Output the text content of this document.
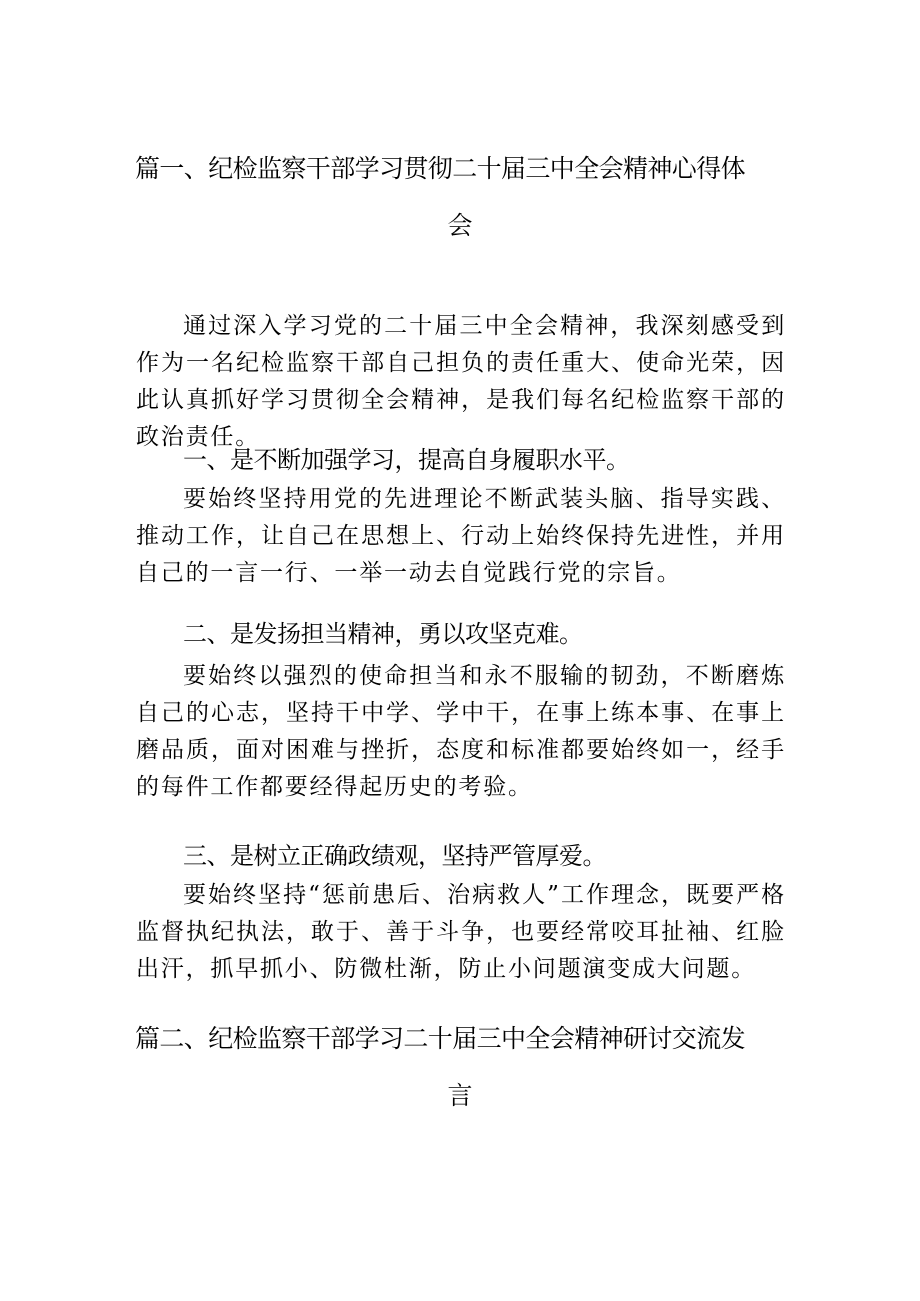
篇一、纪检监察干部学习贯彻二十届三中全会精神心得体
会

通过深入学习党的二十届三中全会精神，我深刻感受到作为一名纪检监察干部自己担负的责任重大、使命光荣，因此认真抓好学习贯彻全会精神，是我们每名纪检监察干部的政治责任。

一、是不断加强学习，提高自身履职水平。

要始终坚持用党的先进理论不断武装头脑、指导实践、推动工作，让自己在思想上、行动上始终保持先进性，并用自己的一言一行、一举一动去自觉践行党的宗旨。

二、是发扬担当精神，勇以攻坚克难。

要始终以强烈的使命担当和永不服输的韧劲，不断磨炼自己的心志，坚持干中学、学中干，在事上练本事、在事上磨品质，面对困难与挫折，态度和标准都要始终如一，经手的每件工作都要经得起历史的考验。

三、是树立正确政绩观，坚持严管厚爱。

要始终坚持“惩前患后、治病救人”工作理念，既要严格监督执纪执法，敢于、善于斗争，也要经常咬耳扯袖、红脸出汗，抓早抓小、防微杜渐，防止小问题演变成大问题。

篇二、纪检监察干部学习二十届三中全会精神研讨交流发
言
